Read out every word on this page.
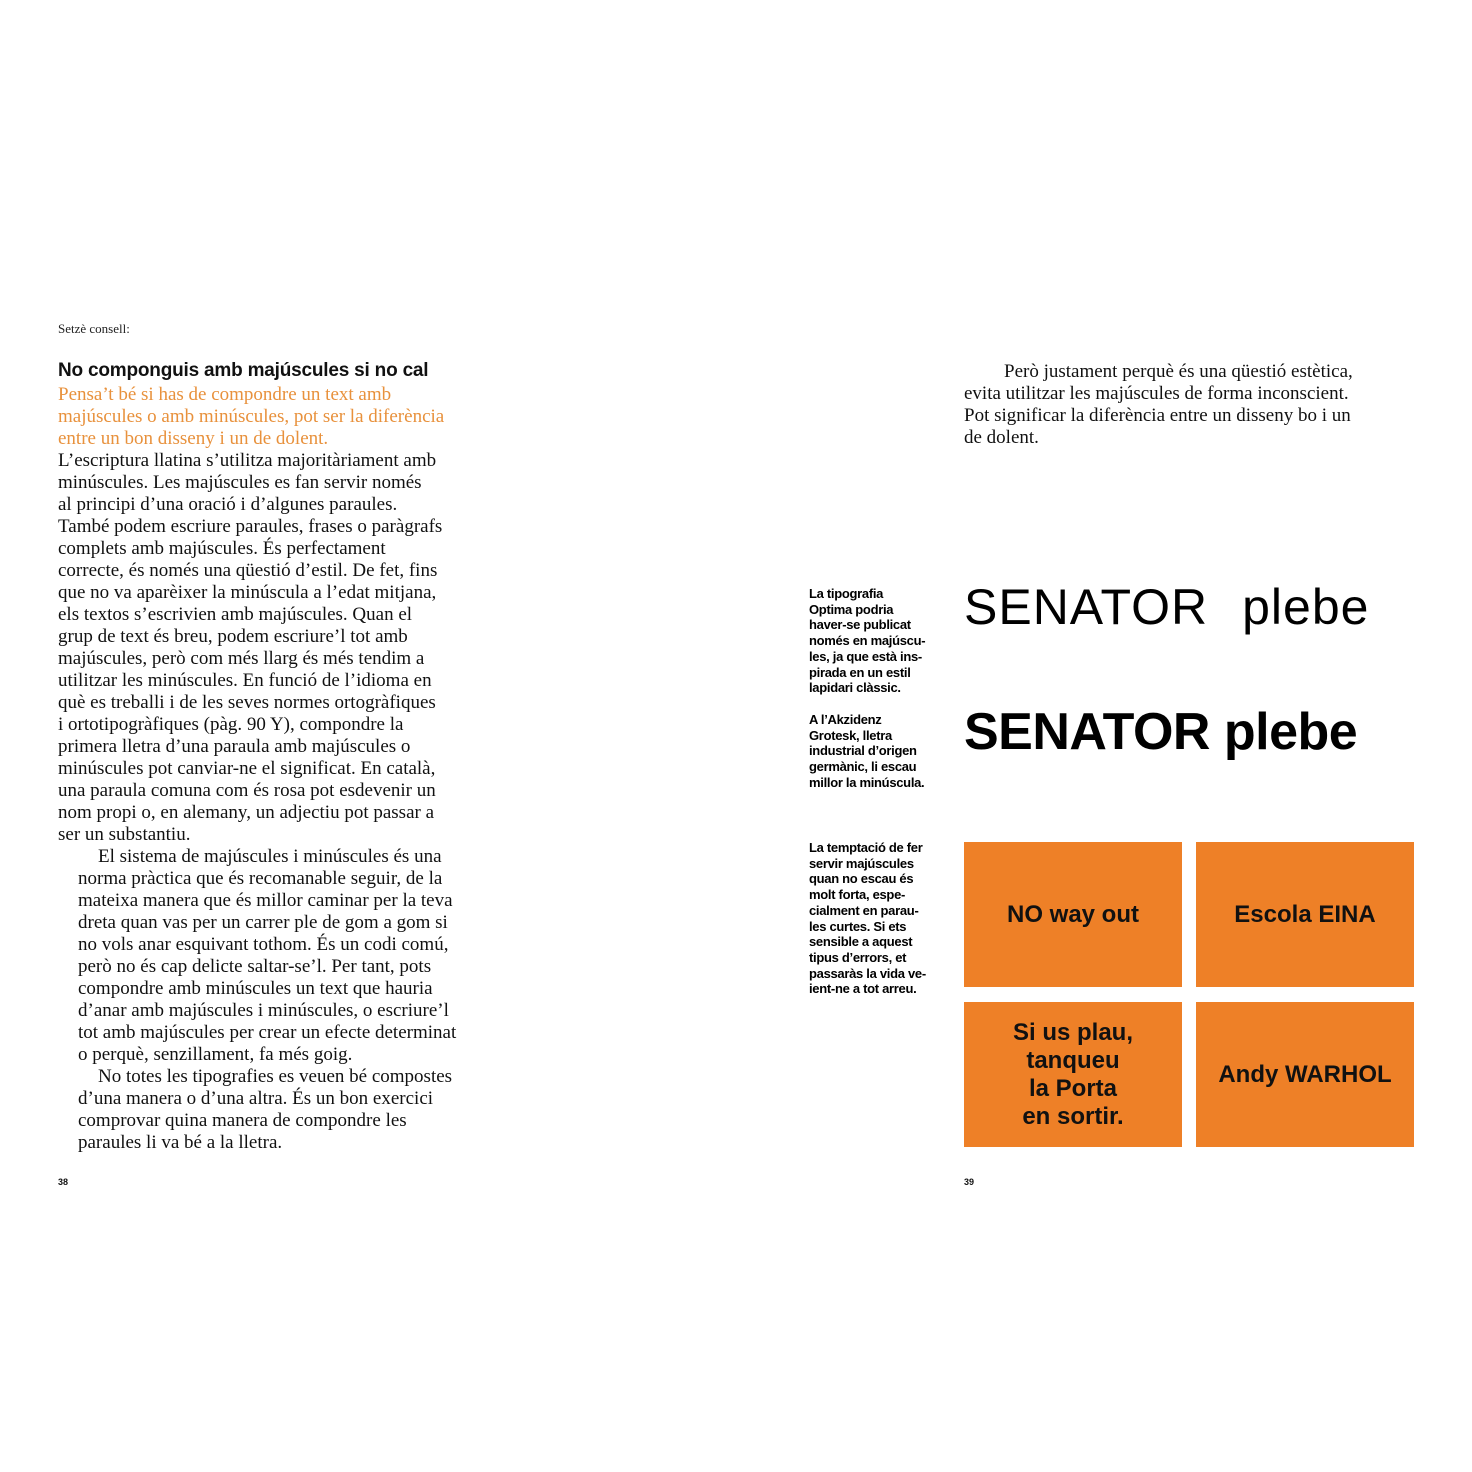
Setzè consell:
No componguis amb majúscules si no cal
Pensa’t bé si has de compondre un text amb
majúscules o amb minúscules, pot ser la diferència
entre un bon disseny i un de dolent.

L’escriptura llatina s’utilitza majoritàriament amb
minúscules. Les majúscules es fan servir només
al principi d’una oració i d’algunes paraules.
També podem escriure paraules, frases o paràgrafs
complets amb majúscules. És perfectament
correcte, és només una qüestió d’estil. De fet, fins
que no va aparèixer la minúscula a l’edat mitjana,
els textos s’escrivien amb majúscules. Quan el
grup de text és breu, podem escriure’l tot amb
majúscules, però com més llarg és més tendim a
utilitzar les minúscules. En funció de l’idioma en
què es treballi i de les seves normes ortogràfiques
i ortotipogràfiques (pàg. 90 Y), compondre la
primera lletra d’una paraula amb majúscules o
minúscules pot canviar-ne el significat. En català,
una paraula comuna com és rosa pot esdevenir un
nom propi o, en alemany, un adjectiu pot passar a
ser un substantiu.

El sistema de majúscules i minúscules és una
norma pràctica que és recomanable seguir, de la
mateixa manera que és millor caminar per la teva
dreta quan vas per un carrer ple de gom a gom si
no vols anar esquivant tothom. És un codi comú,
però no és cap delicte saltar-se’l. Per tant, pots
compondre amb minúscules un text que hauria
d’anar amb majúscules i minúscules, o escriure’l
tot amb majúscules per crear un efecte determinat
o perquè, senzillament, fa més goig.

No totes les tipografies es veuen bé compostes
d’una manera o d’una altra. És un bon exercici
comprovar quina manera de compondre les
paraules li va bé a la lletra.

38
Però justament perquè és una qüestió estètica,
evita utilitzar les majúscules de forma inconscient.
Pot significar la diferència entre un disseny bo i un
de dolent.
La tipografia
Optima podria
haver-se publicat
només en majúscu-
les, ja que està ins-
pirada en un estil
lapidari clàssic.
A l’Akzidenz
Grotesk, lletra
industrial d’origen
germànic, li escau
millor la minúscula.
La temptació de fer
servir majúscules
quan no escau és
molt forta, espe-
cialment en parau-
les curtes. Si ets
sensible a aquest
tipus d’errors, et
passaràs la vida ve-
ient-ne a tot arreu.
SENATOR plebe
SENATOR plebe
NO way out	Escola EINA
Si us plau,
tanqueu
la Porta
en sortir.
Andy WARHOL
39
